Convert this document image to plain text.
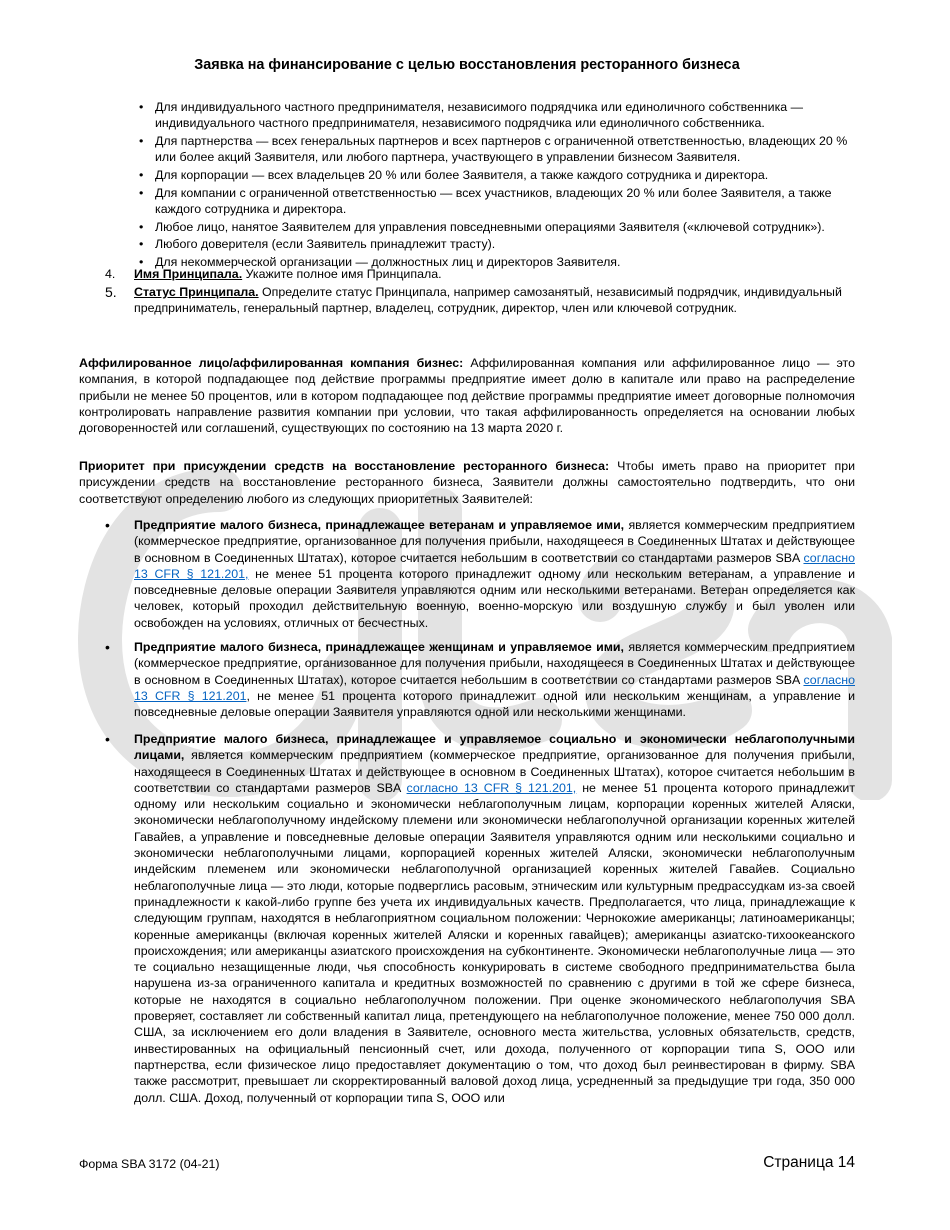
Заявка на финансирование с целью восстановления ресторанного бизнеса
• Для индивидуального частного предпринимателя, независимого подрядчика или единоличного собственника — индивидуального частного предпринимателя, независимого подрядчика или единоличного собственника.
• Для партнерства — всех генеральных партнеров и всех партнеров с ограниченной ответственностью, владеющих 20 % или более акций Заявителя, или любого партнера, участвующего в управлении бизнесом Заявителя.
• Для корпорации — всех владельцев 20 % или более Заявителя, а также каждого сотрудника и директора.
• Для компании с ограниченной ответственностью — всех участников, владеющих 20 % или более Заявителя, а также каждого сотрудника и директора.
• Любое лицо, нанятое Заявителем для управления повседневными операциями Заявителя («ключевой сотрудник»).
• Любого доверителя (если Заявитель принадлежит трасту).
• Для некоммерческой организации — должностных лиц и директоров Заявителя.
4. Имя Принципала. Укажите полное имя Принципала.
5. Статус Принципала. Определите статус Принципала, например самозанятый, независимый подрядчик, индивидуальный предприниматель, генеральный партнер, владелец, сотрудник, директор, член или ключевой сотрудник.

Аффилированное лицо/аффилированная компания бизнес: Аффилированная компания или аффилированное лицо — это компания, в которой подпадающее под действие программы предприятие имеет долю в капитале или право на распределение прибыли не менее 50 процентов, или в котором подпадающее под действие программы предприятие имеет договорные полномочия контролировать направление развития компании при условии, что такая аффилированность определяется на основании любых договоренностей или соглашений, существующих по состоянию на 13 марта 2020 г.

Приоритет при присуждении средств на восстановление ресторанного бизнеса: Чтобы иметь право на приоритет при присуждении средств на восстановление ресторанного бизнеса, Заявители должны самостоятельно подтвердить, что они соответствуют определению любого из следующих приоритетных Заявителей:

• Предприятие малого бизнеса, принадлежащее ветеранам и управляемое ими, является коммерческим предприятием (коммерческое предприятие, организованное для получения прибыли, находящееся в Соединенных Штатах и действующее в основном в Соединенных Штатах), которое считается небольшим в соответствии со стандартами размеров SBA согласно 13 CFR § 121.201, не менее 51 процента которого принадлежит одному или нескольким ветеранам, а управление и повседневные деловые операции Заявителя управляются одним или несколькими ветеранами. Ветеран определяется как человек, который проходил действительную военную, военно-морскую или воздушную службу и был уволен или освобожден на условиях, отличных от бесчестных.
• Предприятие малого бизнеса, принадлежащее женщинам и управляемое ими, является коммерческим предприятием (коммерческое предприятие, организованное для получения прибыли, находящееся в Соединенных Штатах и действующее в основном в Соединенных Штатах), которое считается небольшим в соответствии со стандартами размеров SBA согласно 13 CFR § 121.201, не менее 51 процента которого принадлежит одной или нескольким женщинам, а управление и повседневные деловые операции Заявителя управляются одной или несколькими женщинами.
• Предприятие малого бизнеса, принадлежащее и управляемое социально и экономически неблагополучными лицами, является коммерческим предприятием (коммерческое предприятие, организованное для получения прибыли, находящееся в Соединенных Штатах и действующее в основном в Соединенных Штатах), которое считается небольшим в соответствии со стандартами размеров SBA согласно 13 CFR § 121.201, не менее 51 процента которого принадлежит одному или нескольким социально и экономически неблагополучным лицам, корпорации коренных жителей Аляски, экономически неблагополучному индейскому племени или экономически неблагополучной организации коренных жителей Гавайев, а управление и повседневные деловые операции Заявителя управляются одним или несколькими социально и экономически неблагополучными лицами, корпорацией коренных жителей Аляски, экономически неблагополучным индейским племенем или экономически неблагополучной организацией коренных жителей Гавайев. Социально неблагополучные лица — это люди, которые подверглись расовым, этническим или культурным предрассудкам из-за своей принадлежности к какой-либо группе без учета их индивидуальных качеств. Предполагается, что лица, принадлежащие к следующим группам, находятся в неблагоприятном социальном положении: Чернокожие американцы; латиноамериканцы; коренные американцы (включая коренных жителей Аляски и коренных гавайцев); американцы азиатско-тихоокеанского происхождения; или американцы азиатского происхождения на субконтиненте. Экономически неблагополучные лица — это те социально незащищенные люди, чья способность конкурировать в системе свободного предпринимательства была нарушена из-за ограниченного капитала и кредитных возможностей по сравнению с другими в той же сфере бизнеса, которые не находятся в социально неблагополучном положении. При оценке экономического неблагополучия SBA проверяет, составляет ли собственный капитал лица, претендующего на неблагополучное положение, менее 750 000 долл. США, за исключением его доли владения в Заявителе, основного места жительства, условных обязательств, средств, инвестированных на официальный пенсионный счет, или дохода, полученного от корпорации типа S, ООО или партнерства, если физическое лицо предоставляет документацию о том, что доход был реинвестирован в фирму. SBA также рассмотрит, превышает ли скорректированный валовой доход лица, усредненный за предыдущие три года, 350 000 долл. США. Доход, полученный от корпорации типа S, ООО или

Форма SBA 3172 (04-21)	Страница 14
